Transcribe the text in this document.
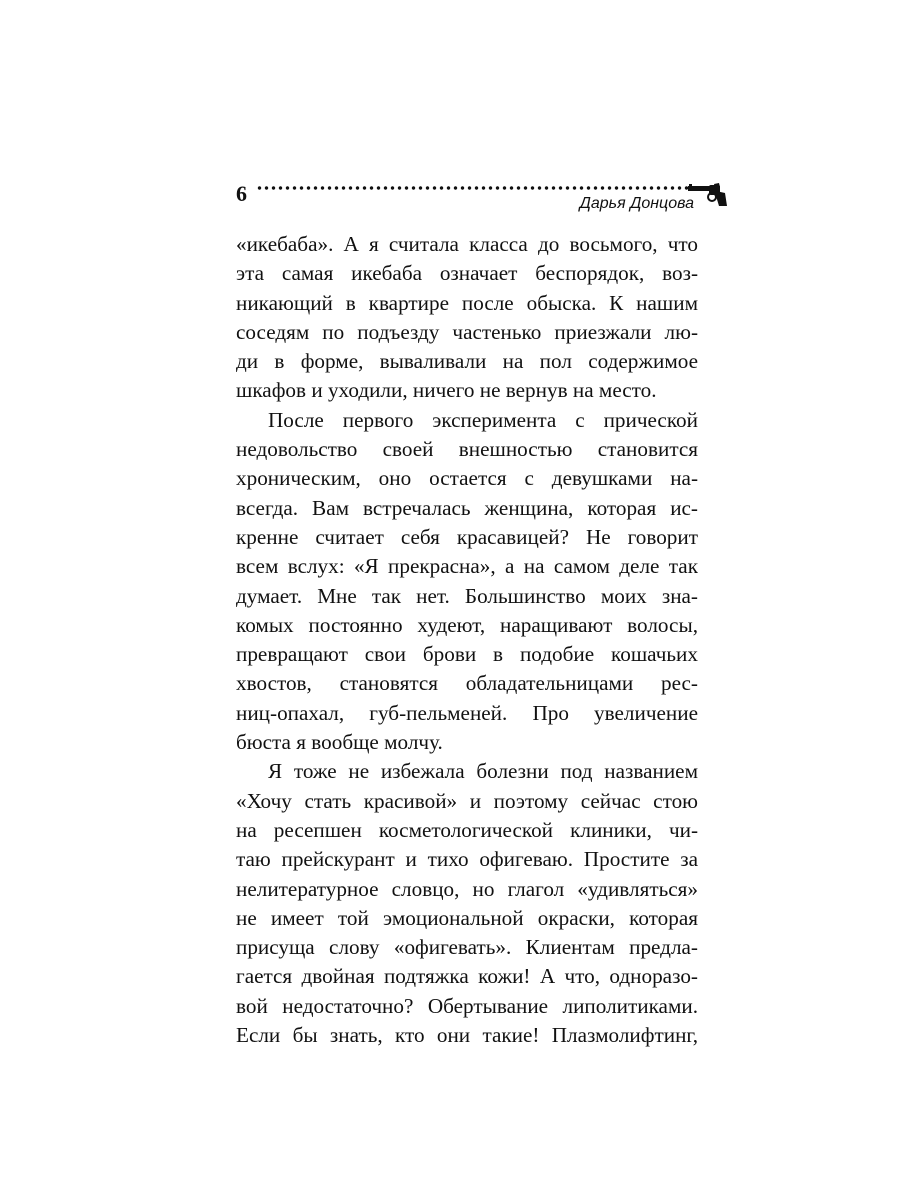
6	Дарья Донцова
«икебаба». А я считала класса до восьмого, что
эта самая икебаба означает беспорядок, воз-
никающий в квартире после обыска. К нашим
соседям по подъезду частенько приезжали лю-
ди в форме, вываливали на пол содержимое
шкафов и уходили, ничего не вернув на место.
После первого эксперимента с прической
недовольство своей внешностью становится
хроническим, оно остается с девушками на-
всегда. Вам встречалась женщина, которая ис-
кренне считает себя красавицей? Не говорит
всем вслух: «Я прекрасна», а на самом деле так
думает. Мне так нет. Большинство моих зна-
комых постоянно худеют, наращивают волосы,
превращают свои брови в подобие кошачьих
хвостов, становятся обладательницами рес-
ниц-опахал, губ-пельменей. Про увеличение
бюста я вообще молчу.
Я тоже не избежала болезни под названием
«Хочу стать красивой» и поэтому сейчас стою
на ресепшен косметологической клиники, чи-
таю прейскурант и тихо офигеваю. Простите за
нелитературное словцо, но глагол «удивляться»
не имеет той эмоциональной окраски, которая
присуща слову «офигевать». Клиентам предла-
гается двойная подтяжка кожи! А что, одноразо-
вой недостаточно? Обертывание липолитиками.
Если бы знать, кто они такие! Плазмолифтинг,
